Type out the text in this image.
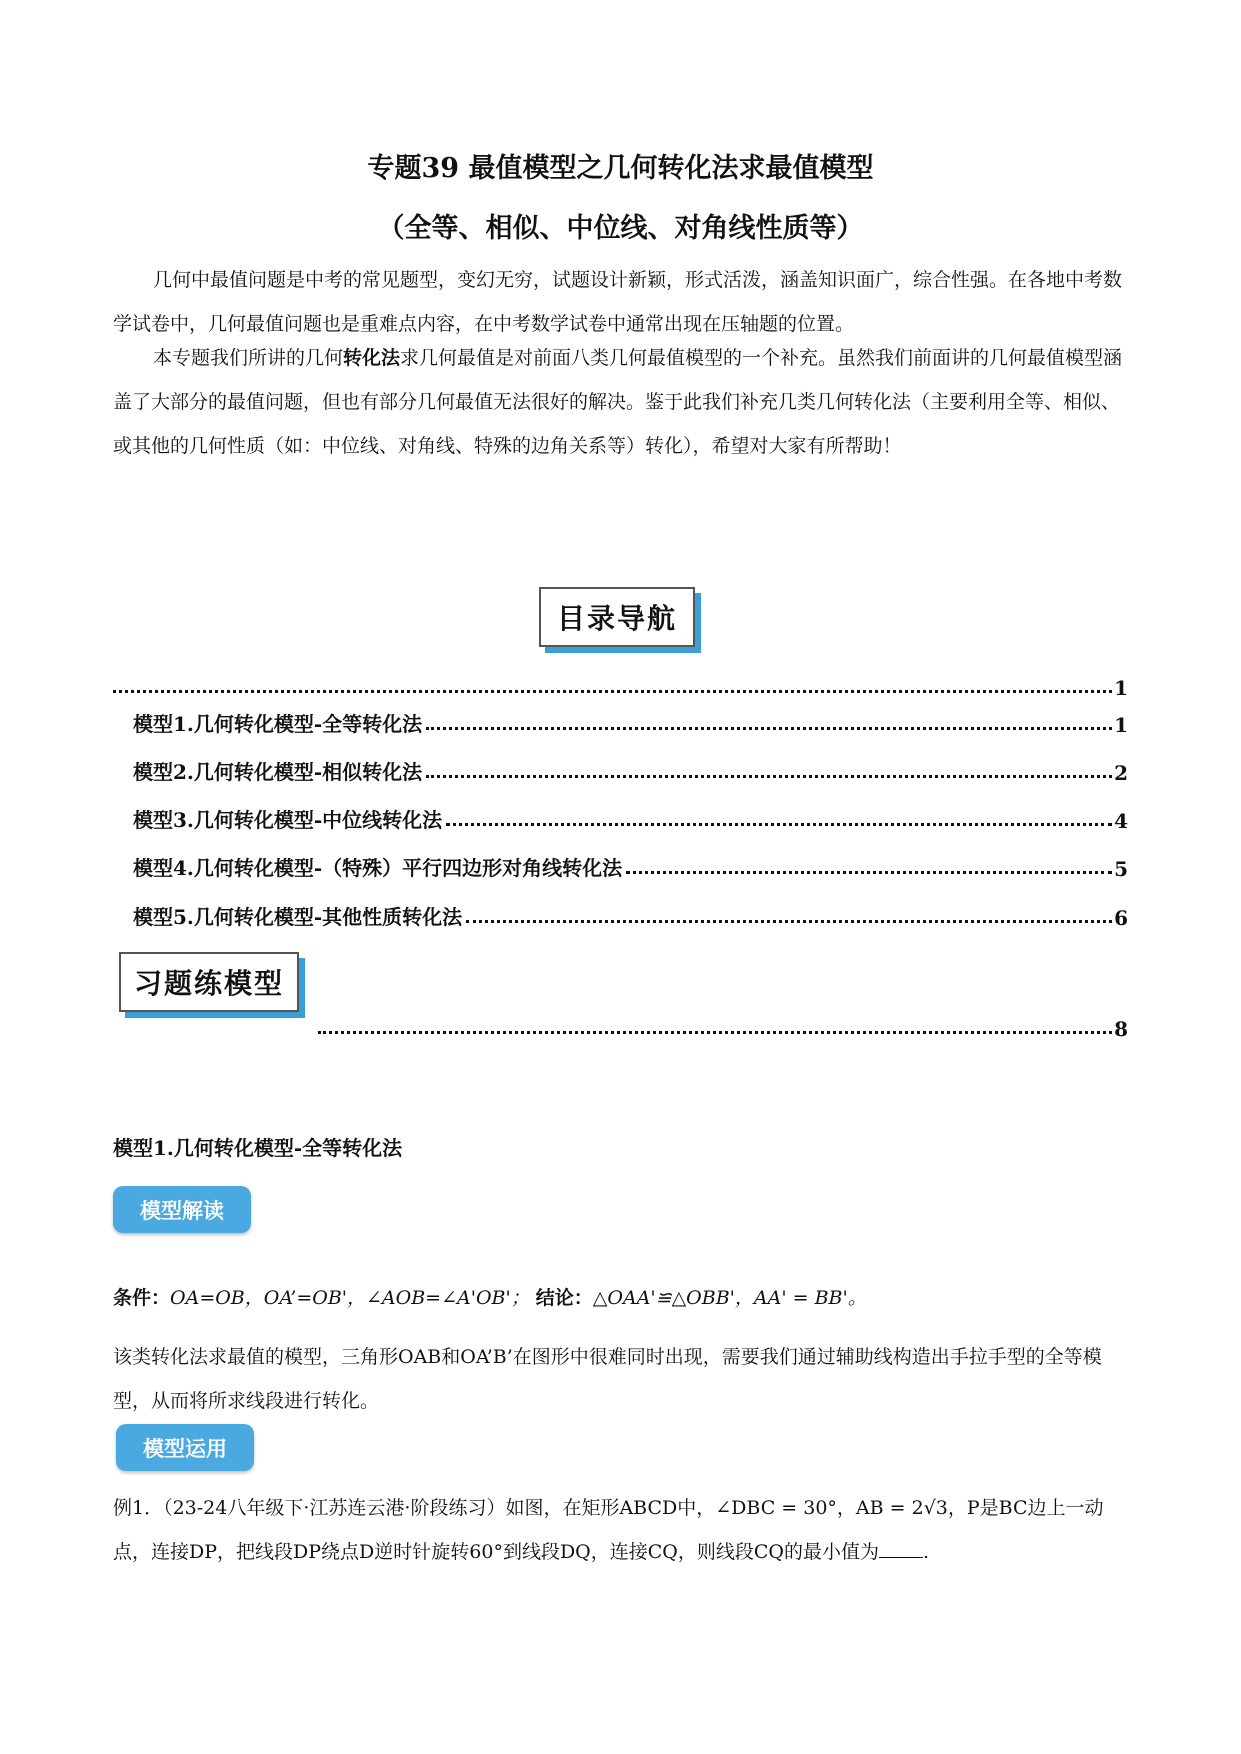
专题39 最值模型之几何转化法求最值模型
（全等、相似、中位线、对角线性质等）
几何中最值问题是中考的常见题型，变幻无穷，试题设计新颖，形式活泼，涵盖知识面广，综合性强。在各地中考数学试卷中，几何最值问题也是重难点内容，在中考数学试卷中通常出现在压轴题的位置。
本专题我们所讲的几何转化法求几何最值是对前面八类几何最值模型的一个补充。虽然我们前面讲的几何最值模型涵盖了大部分的最值问题，但也有部分几何最值无法很好的解决。鉴于此我们补充几类几何转化法（主要利用全等、相似、或其他的几何性质（如：中位线、对角线、特殊的边角关系等）转化），希望对大家有所帮助！
目录导航
1
模型1.几何转化模型-全等转化法	1
模型2.几何转化模型-相似转化法	2
模型3.几何转化模型-中位线转化法	4
模型4.几何转化模型-（特殊）平行四边形对角线转化法	5
模型5.几何转化模型-其他性质转化法	6
习题练模型
8
模型1.几何转化模型-全等转化法
模型解读
条件：OA=OB，OA’=OB'，∠AOB=∠A'OB'； 结论：△OAA'≌△OBB'，AA' = BB'。
该类转化法求最值的模型，三角形OAB和OA’B’在图形中很难同时出现，需要我们通过辅助线构造出手拉手型的全等模型，从而将所求线段进行转化。
模型运用
例1．（23-24八年级下·江苏连云港·阶段练习）如图，在矩形ABCD中，∠DBC = 30°，AB = 2√3，P是BC边上一动点，连接DP，把线段DP绕点D逆时针旋转60°到线段DQ，连接CQ，则线段CQ的最小值为 .
